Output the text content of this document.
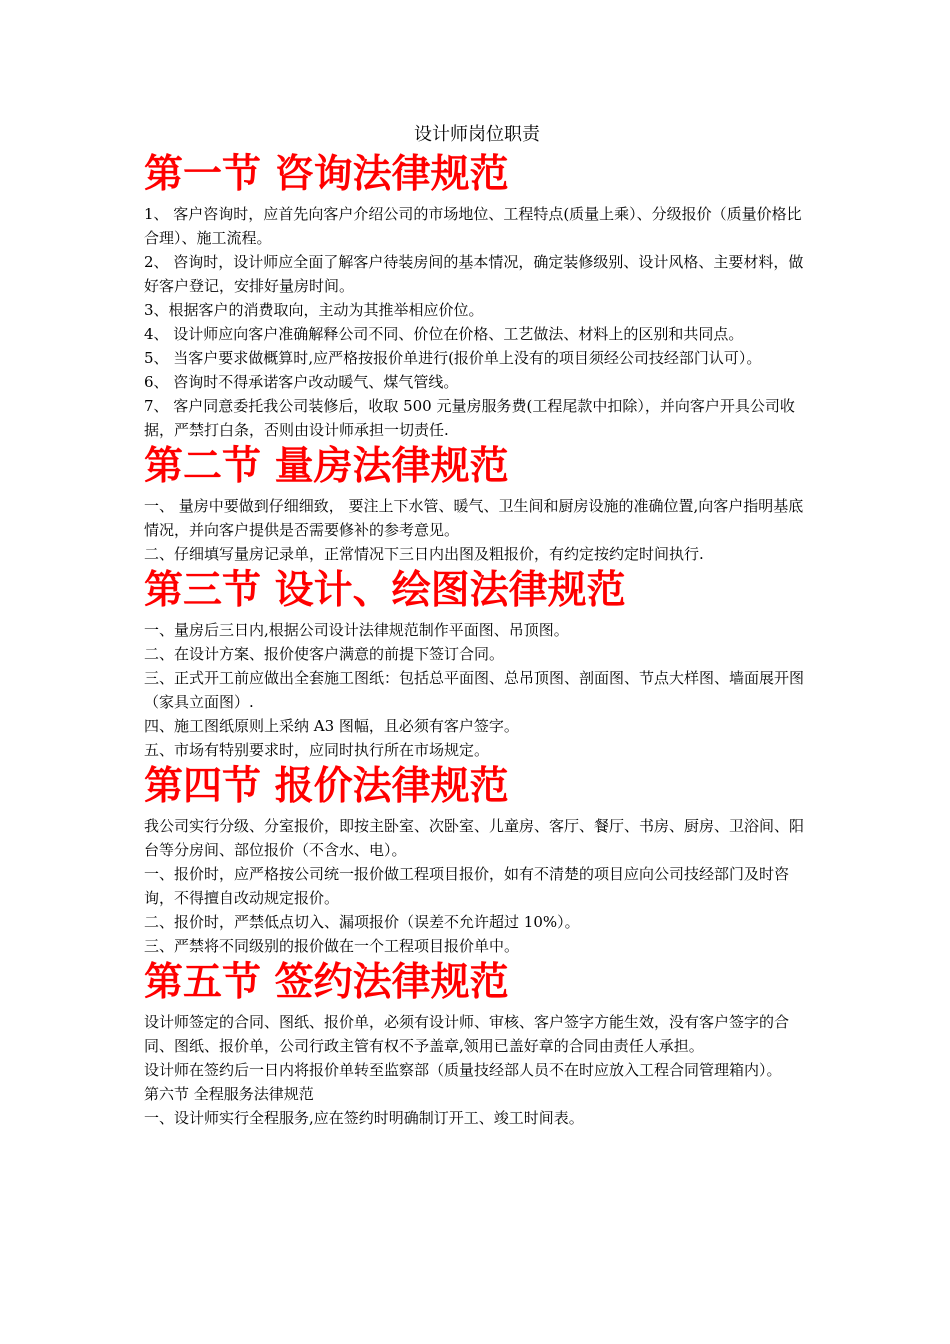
设计师岗位职责
第一节 咨询法律规范

1、 客户咨询时，应首先向客户介绍公司的市场地位、工程特点(质量上乘）、分级报价（质量价格比合理）、施工流程。

2、 咨询时，设计师应全面了解客户待装房间的基本情况，确定装修级别、设计风格、主要材料，做好客户登记，安排好量房时间。

3、根据客户的消费取向，主动为其推举相应价位。

4、 设计师应向客户准确解释公司不同、价位在价格、工艺做法、材料上的区别和共同点。

5、 当客户要求做概算时,应严格按报价单进行(报价单上没有的项目须经公司技经部门认可）。

6、 咨询时不得承诺客户改动暖气、煤气管线。

7、 客户同意委托我公司装修后，收取 500 元量房服务费(工程尾款中扣除），并向客户开具公司收据，严禁打白条，否则由设计师承担一切责任.

第二节 量房法律规范

一、 量房中要做到仔细细致， 要注上下水管、暖气、卫生间和厨房设施的准确位置,向客户指明基底情况，并向客户提供是否需要修补的参考意见。

二、仔细填写量房记录单，正常情况下三日内出图及粗报价，有约定按约定时间执行.

第三节 设计、绘图法律规范

一、量房后三日内,根据公司设计法律规范制作平面图、吊顶图。

二、在设计方案、报价使客户满意的前提下签订合同。

三、正式开工前应做出全套施工图纸：包括总平面图、总吊顶图、剖面图、节点大样图、墙面展开图（家具立面图）.

四、施工图纸原则上采纳 A3 图幅，且必须有客户签字。

五、市场有特别要求时，应同时执行所在市场规定。

第四节 报价法律规范

我公司实行分级、分室报价，即按主卧室、次卧室、儿童房、客厅、餐厅、书房、厨房、卫浴间、阳台等分房间、部位报价（不含水、电）。

一、报价时，应严格按公司统一报价做工程项目报价，如有不清楚的项目应向公司技经部门及时咨询，不得擅自改动规定报价。

二、报价时，严禁低点切入、漏项报价（误差不允许超过 10%）。

三、严禁将不同级别的报价做在一个工程项目报价单中。

第五节 签约法律规范

设计师签定的合同、图纸、报价单，必须有设计师、审核、客户签字方能生效，没有客户签字的合同、图纸、报价单，公司行政主管有权不予盖章,领用已盖好章的合同由责任人承担。

设计师在签约后一日内将报价单转至监察部（质量技经部人员不在时应放入工程合同管理箱内）。

第六节 全程服务法律规范

一、设计师实行全程服务,应在签约时明确制订开工、竣工时间表。
